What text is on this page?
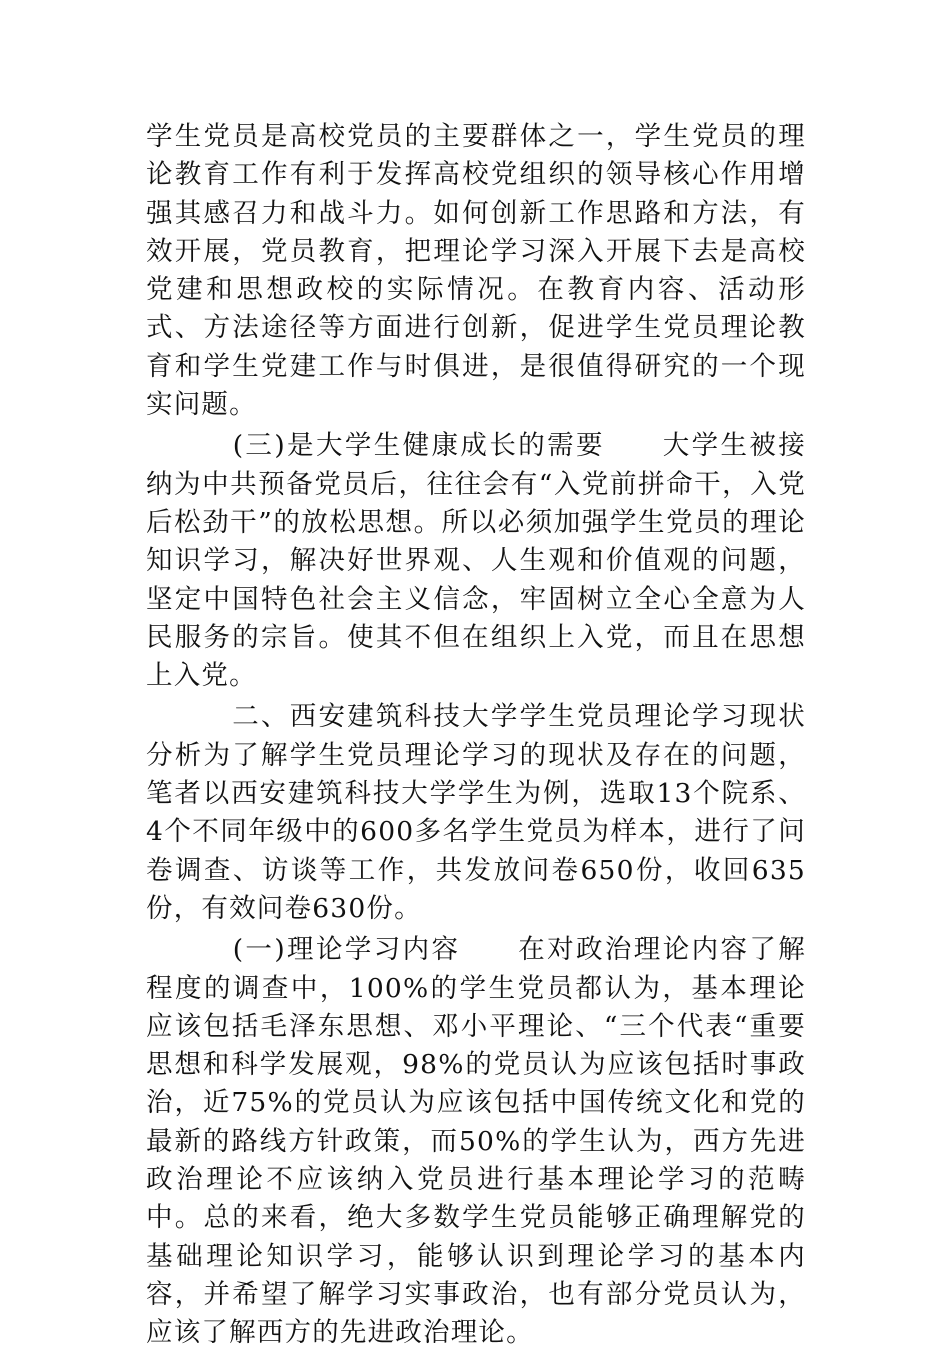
学生党员是高校党员的主要群体之一，学生党员的理论教育工作有利于发挥高校党组织的领导核心作用增强其感召力和战斗力。如何创新工作思路和方法，有效开展，党员教育，把理论学习深入开展下去是高校党建和思想政校的实际情况。在教育内容、活动形式、方法途径等方面进行创新，促进学生党员理论教育和学生党建工作与时俱进，是很值得研究的一个现实问题。

　　　(三)是大学生健康成长的需要　　大学生被接纳为中共预备党员后，往往会有“入党前拼命干，入党后松劲干”的放松思想。所以必须加强学生党员的理论知识学习，解决好世界观、人生观和价值观的问题，坚定中国特色社会主义信念，牢固树立全心全意为人民服务的宗旨。使其不但在组织上入党，而且在思想上入党。

　　　二、西安建筑科技大学学生党员理论学习现状分析为了解学生党员理论学习的现状及存在的问题，笔者以西安建筑科技大学学生为例，选取13个院系、4个不同年级中的600多名学生党员为样本，进行了问卷调查、访谈等工作，共发放问卷650份，收回635份，有效问卷630份。

　　　(一)理论学习内容　　在对政治理论内容了解程度的调查中，100%的学生党员都认为，基本理论应该包括毛泽东思想、邓小平理论、“三个代表“重要思想和科学发展观，98%的党员认为应该包括时事政治，近75%的党员认为应该包括中国传统文化和党的最新的路线方针政策，而50%的学生认为，西方先进政治理论不应该纳入党员进行基本理论学习的范畴中。总的来看，绝大多数学生党员能够正确理解党的基础理论知识学习，能够认识到理论学习的基本内容，并希望了解学习实事政治，也有部分党员认为，应该了解西方的先进政治理论。
